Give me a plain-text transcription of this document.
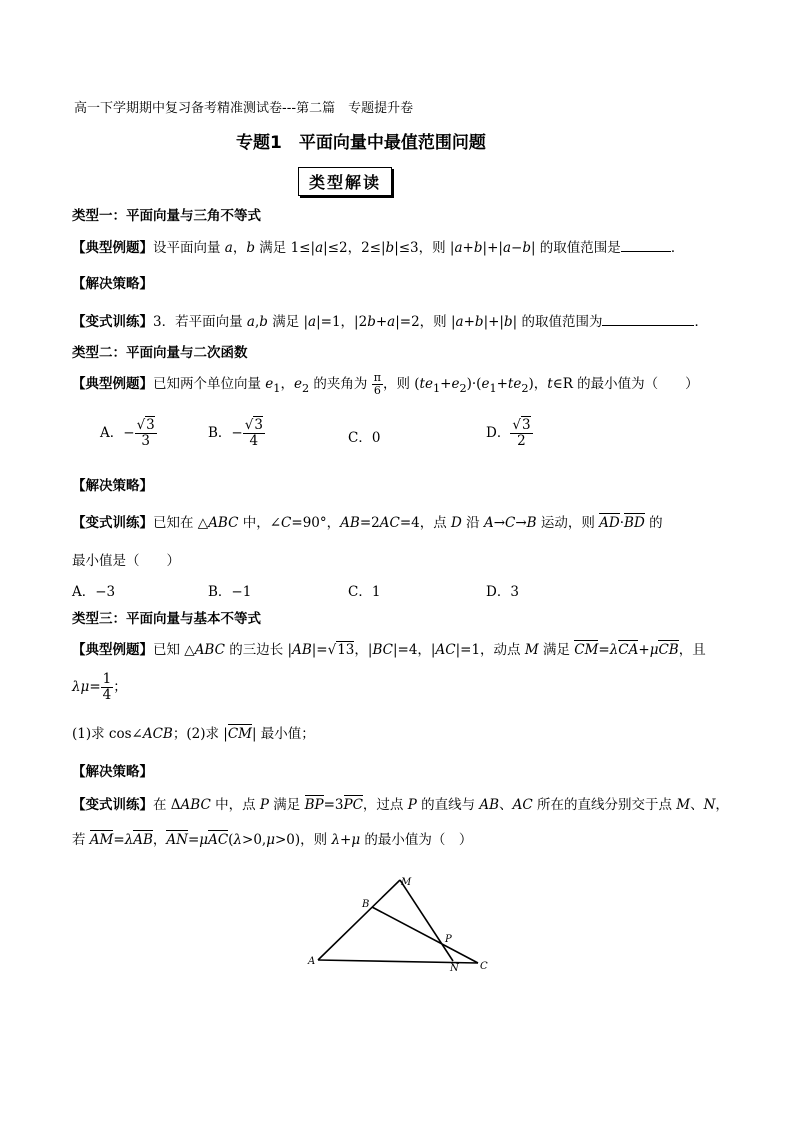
高一下学期期中复习备考精准测试卷---第二篇　专题提升卷
专题1　平面向量中最值范围问题
类型解读
类型一：平面向量与三角不等式
【典型例题】设平面向量 a，b 满足 1≤|a|≤2，2≤|b|≤3，则 |a+b|+|a−b| 的取值范围是	．
【解决策略】
【变式训练】3．若平面向量 a,b 满足 |a|=1，|2b+a|=2，则 |a+b|+|b| 的取值范围为	．
类型二：平面向量与二次函数
【典型例题】已知两个单位向量 $e_1$，$e_2$ 的夹角为 $\frac{\pi}{6}$ ，则 $(te_1+e_2)\cdot(e_1+te_2)$，t∈R 的最小值为（　　）
A．− $\frac{√3}{3}$	B．− $\frac{√3}{4}$	C．0	D． $\frac{√3}{2}$
【解决策略】
【变式训练】已知在 △ABC 中，∠C=90°，AB=2AC=4，点 D 沿 A→C→B 运动，则 AD·BD 的
最小值是（　　）
A．−3	B．−1	C．1	D．3
类型三：平面向量与基本不等式
【典型例题】已知 △ABC 的三边长 |AB|=√13，|BC|=4，|AC|=1，动点 M 满足 CM=λCA+μCB，且
$\lambda\mu= \frac{1}{4}$ ；
(1)求 cos∠ACB；(2)求 |CM| 最小值；
【解决策略】
【变式训练】在 ΔABC 中，点 P 满足 BP=3PC，过点 P 的直线与 AB、AC 所在的直线分别交于点 M、N，
若 AM=λAB，AN=μAC(λ>0,μ>0)，则 λ+μ 的最小值为（　）
A
B
M
P
N C
